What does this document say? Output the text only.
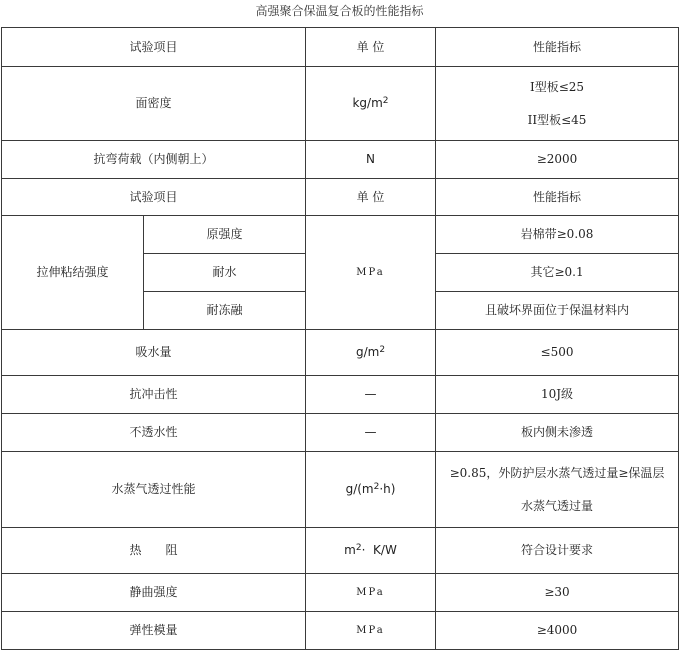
高强聚合保温复合板的性能指标
试验项目		单 位	性能指标
面密度		$kg/m^2$	I型板≤25
II型板≤45

抗弯荷载（内侧朝上）		N	≥2000
试验项目		单 位	性能指标
拉伸粘结强度	原强度	MPa	岩棉带≥0.08
	耐水		其它≥0.1
	耐冻融		且破坏界面位于保温材料内
吸水量		$g/m^2$	≤500
抗冲击性		—	10J级
不透水性		—	板内侧未渗透
水蒸气透过性能		$g/(m^2\cdot h)$	≥0.85，外防护层水蒸气透过量≥保温层
水蒸气透过量

热　　阻		$m^2\cdot K/W$	符合设计要求
静曲强度		MPa	≥30
弹性模量		MPa	≥4000
